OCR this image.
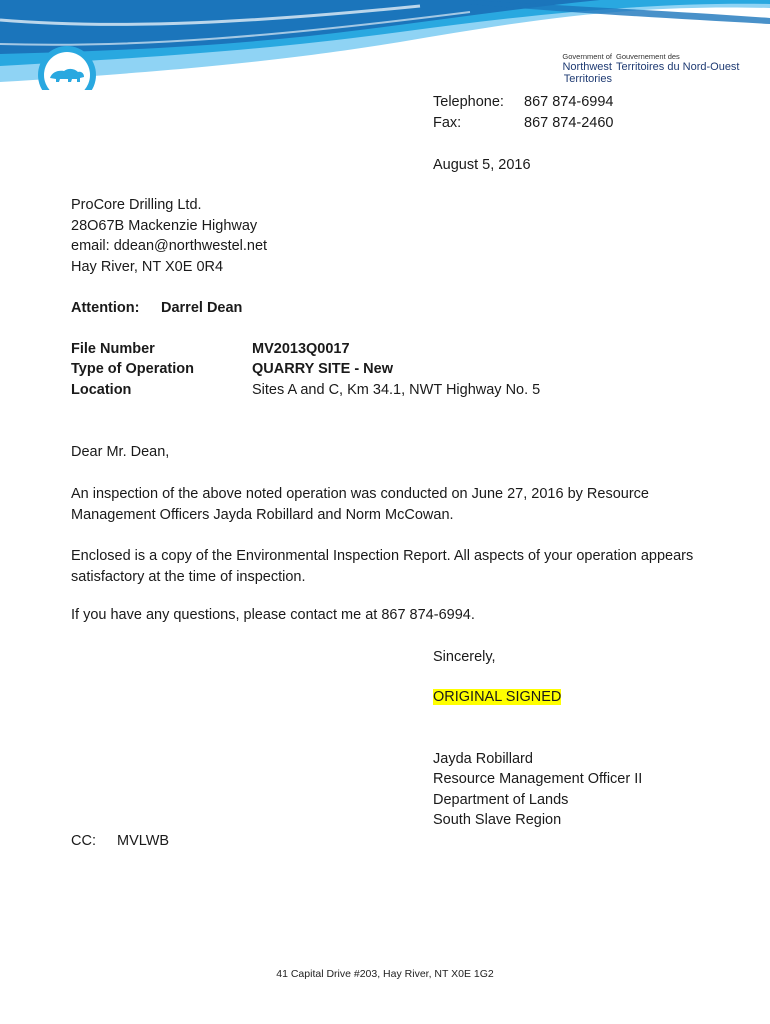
Government of
Northwest Territories
Gouvernement des
Territoires du Nord-Ouest
Telephone: 867 874-6994
Fax:	867 874-2460
August 5, 2016
ProCore Drilling Ltd.
28O67B Mackenzie Highway
email: ddean@northwestel.net
Hay River, NT X0E 0R4
Attention: Darrel Dean
File Number	MV2013Q0017
Type of Operation	QUARRY SITE - New
Location	Sites A and C, Km 34.1, NWT Highway No. 5
Dear Mr. Dean,
An inspection of the above noted operation was conducted on June 27, 2016 by Resource Management Officers Jayda Robillard and Norm McCowan.
Enclosed is a copy of the Environmental Inspection Report. All aspects of your operation appears satisfactory at the time of inspection.
If you have any questions, please contact me at 867 874-6994.
Sincerely,
ORIGINAL SIGNED
Jayda Robillard
Resource Management Officer II
Department of Lands
South Slave Region
CC: MVLWB
41 Capital Drive #203, Hay River, NT X0E 1G2
